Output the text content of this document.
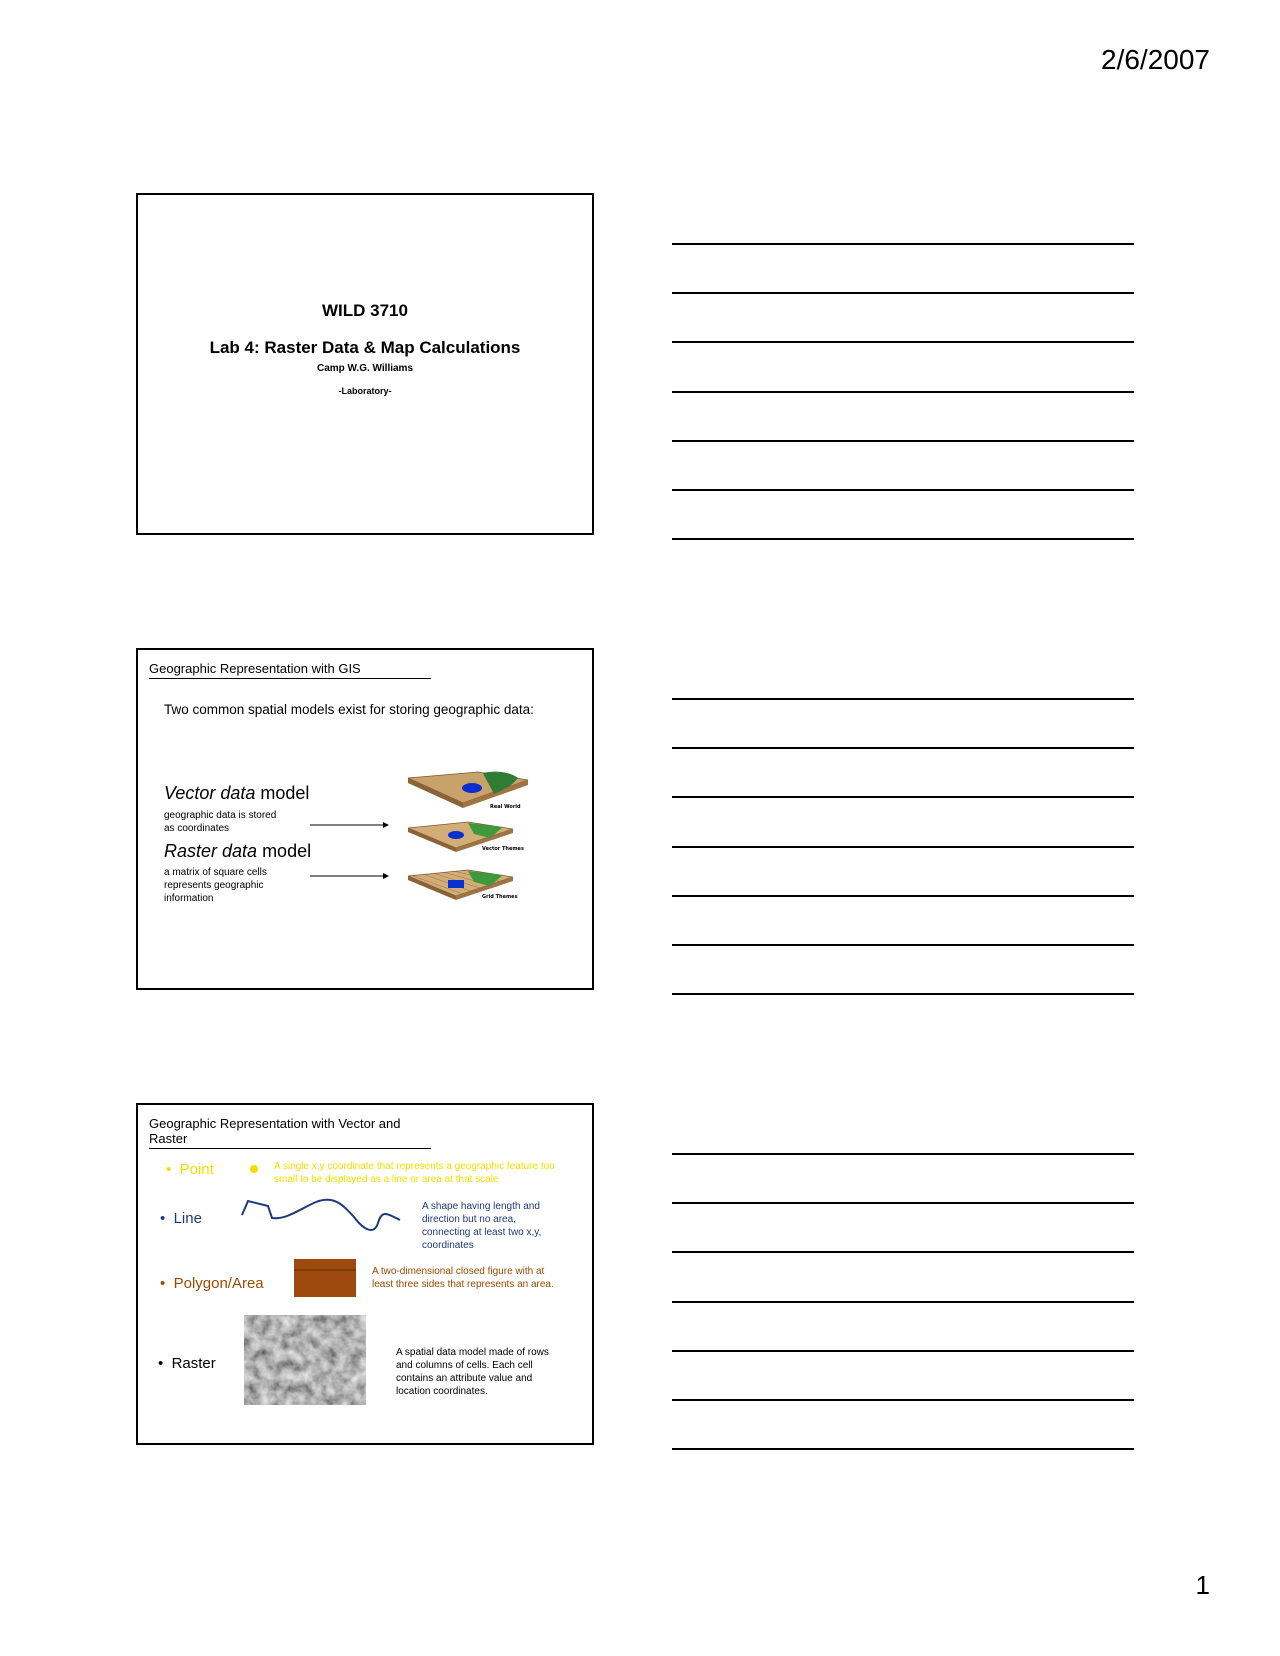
2/6/2007
WILD 3710
Lab 4: Raster Data & Map Calculations
Camp W.G. Williams
-Laboratory-
Geographic Representation with GIS
Two common spatial models exist for storing geographic data:
Vector data model
geographic data is stored as coordinates
Raster data model
a matrix of square cells represents geographic information
Real World
Vector Themes
Grid Themes
Geographic Representation with Vector and Raster
•  Point	A single x,y coordinate that represents a geographic feature too small to be displayed as a line or area at that scale
•  Line
A shape having length and direction but no area, connecting at least two x,y, coordinates
•  Polygon/Area
A two-dimensional closed figure with at least three sides that represents an area.
•  Raster
A spatial data model made of rows and columns of cells. Each cell contains an attribute value and location coordinates.
1
